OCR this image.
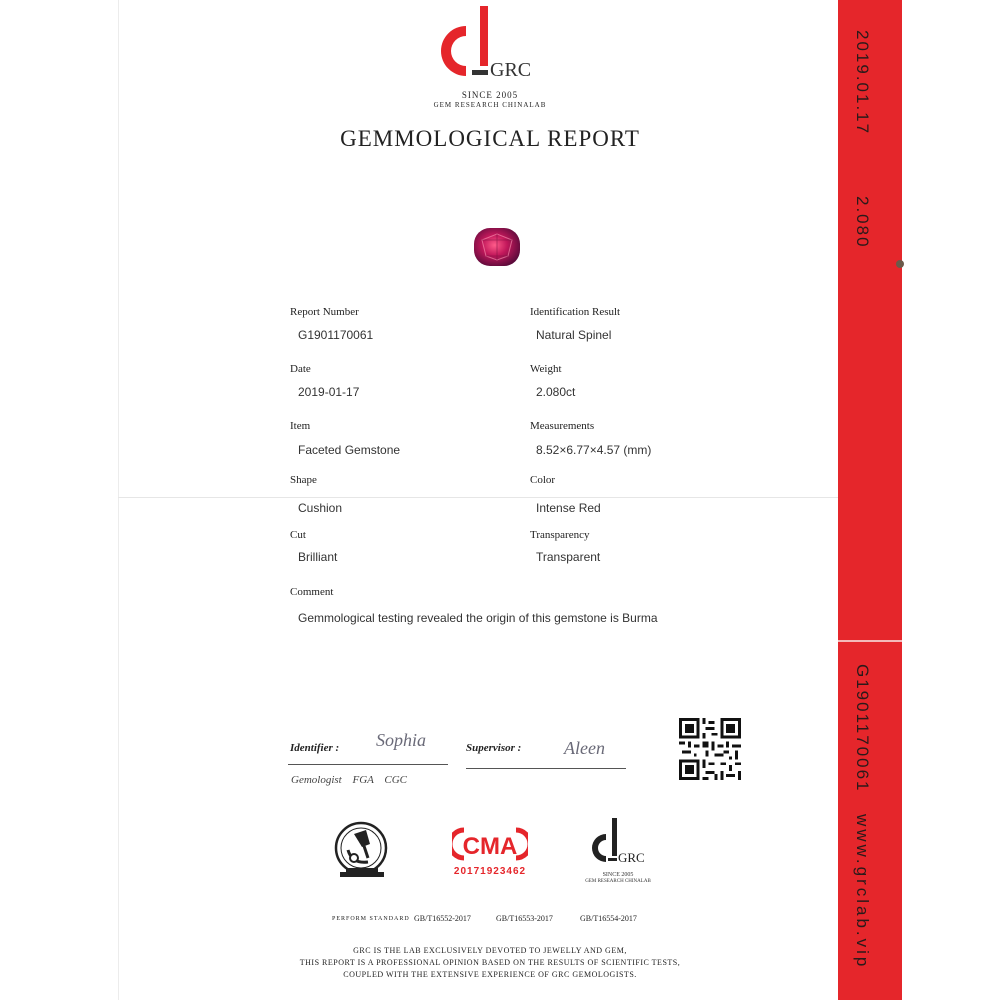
2019.01.17
2.080
G1901170061
www.grclab.vip
GRC
SINCE 2005
GEM RESEARCH CHINALAB
GEMMOLOGICAL REPORT
Report Number
G1901170061
Date
2019-01-17
Item
Faceted Gemstone
Shape
Cushion
Cut
Brilliant
Identification Result
Natural Spinel
Weight
2.080ct
Measurements
8.52×6.77×4.57 (mm)
Color
Intense Red
Transparency
Transparent
Comment
Gemmological testing revealed the origin of this gemstone is Burma
Identifier : Sophia	Supervisor : Aleen
Gemologist FGA CGC
CMA
20171923462
GRC
SINCE 2005
GEM RESEARCH CHINALAB
PERFORM STANDARD GB/T16552-2017	GB/T16553-2017	GB/T16554-2017
GRC IS THE LAB EXCLUSIVELY DEVOTED TO JEWELLY AND GEM,
THIS REPORT IS A PROFESSIONAL OPINION BASED ON THE RESULTS OF SCIENTIFIC TESTS,
COUPLED WITH THE EXTENSIVE EXPERIENCE OF GRC GEMOLOGISTS.
